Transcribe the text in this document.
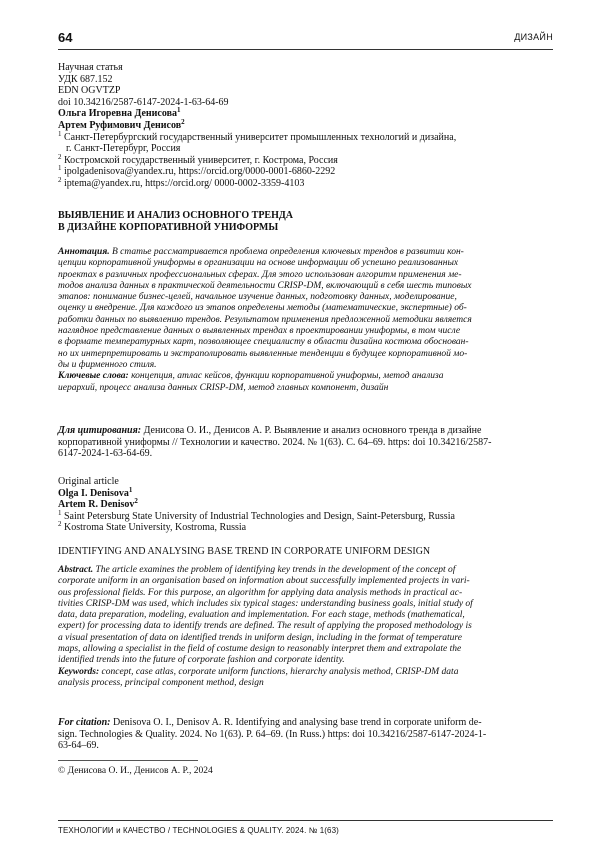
64	ДИЗАЙН
Научная статья
УДК 687.152
EDN OGVTZP
doi 10.34216/2587-6147-2024-1-63-64-69
Ольга Игоревна Денисова$^1$
Артем Руфимович Денисов$^2$
$^1$ Санкт-Петербургский государственный университет промышленных технологий и дизайна,
г. Санкт-Петербург, Россия
$^2$ Костромской государственный университет, г. Кострома, Россия
$^1$ ipolgadenisova@yandex.ru, https://orcid.org/0000-0001-6860-2292
$^2$ iptema@yandex.ru, https://orcid.org/ 0000-0002-3359-4103
ВЫЯВЛЕНИЕ И АНАЛИЗ ОСНОВНОГО ТРЕНДА
В ДИЗАЙНЕ КОРПОРАТИВНОЙ УНИФОРМЫ
Аннотация. В статье рассматривается проблема определения ключевых трендов в развитии кон-
цепции корпоративной униформы в организации на основе информации об успешно реализованных
проектах в различных профессиональных сферах. Для этого использован алгоритм применения ме-
тодов анализа данных в практической деятельности CRISP-DM, включающий в себя шесть типовых
этапов: понимание бизнес-целей, начальное изучение данных, подготовку данных, моделирование,
оценку и внедрение. Для каждого из этапов определены методы (математические, экспертные) об-
работки данных по выявлению трендов. Результатом применения предложенной методики является
наглядное представление данных о выявленных трендах в проектировании униформы, в том числе
в формате температурных карт, позволяющее специалисту в области дизайна костюма обоснован-
но их интерпретировать и экстраполировать выявленные тенденции в будущее корпоративной мо-
ды и фирменного стиля.
Ключевые слова: концепция, атлас кейсов, функции корпоративной униформы, метод анализа
иерархий, процесс анализа данных CRISP-DM, метод главных компонент, дизайн
Для цитирования: Денисова О. И., Денисов А. Р. Выявление и анализ основного тренда в дизайне
корпоративной униформы // Технологии и качество. 2024. № 1(63). С. 64–69. https: doi 10.34216/2587-
6147-2024-1-63-64-69.
Original article
Olga I. Denisova$^1$
Artem R. Denisov$^2$
$^1$ Saint Petersburg State University of Industrial Technologies and Design, Saint-Petersburg, Russia
$^2$ Kostroma State University, Kostroma, Russia
IDENTIFYING AND ANALYSING BASE TREND IN CORPORATE UNIFORM DESIGN
Abstract. The article examines the problem of identifying key trends in the development of the concept of
corporate uniform in an organisation based on information about successfully implemented projects in vari-
ous professional fields. For this purpose, an algorithm for applying data analysis methods in practical ac-
tivities CRISP-DM was used, which includes six typical stages: understanding business goals, initial study of
data, data preparation, modeling, evaluation and implementation. For each stage, methods (mathematical,
expert) for processing data to identify trends are defined. The result of applying the proposed methodology is
a visual presentation of data on identified trends in uniform design, including in the format of temperature
maps, allowing a specialist in the field of costume design to reasonably interpret them and extrapolate the
identified trends into the future of corporate fashion and corporate identity.
Keywords: concept, case atlas, corporate uniform functions, hierarchy analysis method, CRISP-DM data
analysis process, principal component method, design
For citation: Denisova O. I., Denisov A. R. Identifying and analysing base trend in corporate uniform de-
sign. Technologies & Quality. 2024. No 1(63). P. 64–69. (In Russ.) https: doi 10.34216/2587-6147-2024-1-
63-64–69.
© Денисова О. И., Денисов А. Р., 2024
ТЕХНОЛОГИИ и КАЧЕСТВО / TECHNOLOGIES & QUALITY. 2024. № 1(63)
